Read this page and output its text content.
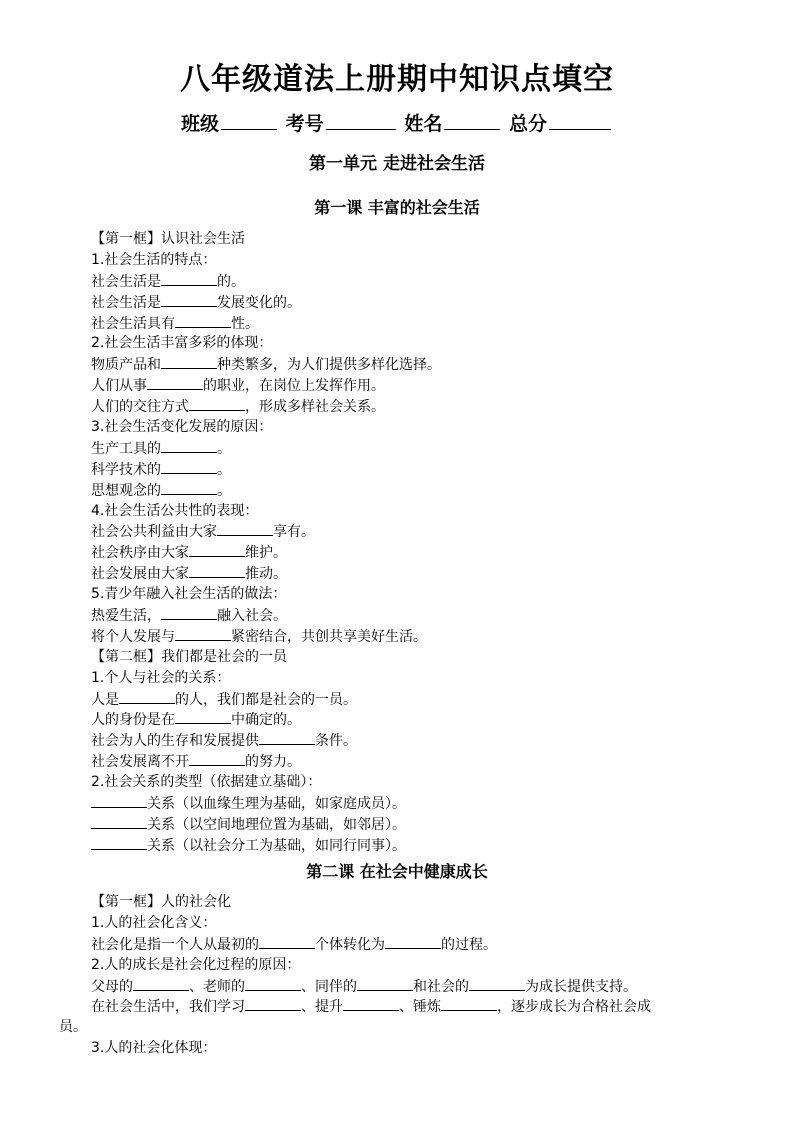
八年级道法上册期中知识点填空
班级	考号	姓名	总分
第一单元 走进社会生活
第一课 丰富的社会生活
【第一框】认识社会生活
1.社会生活的特点：
社会生活是	的。
社会生活是	发展变化的。
社会生活具有	性。
2.社会生活丰富多彩的体现：
物质产品和	种类繁多，为人们提供多样化选择。
人们从事	的职业，在岗位上发挥作用。
人们的交往方式	，形成多样社会关系。
3.社会生活变化发展的原因：
生产工具的	。
科学技术的	。
思想观念的	。
4.社会生活公共性的表现：
社会公共利益由大家	享有。
社会秩序由大家	维护。
社会发展由大家	推动。
5.青少年融入社会生活的做法：
热爱生活，	融入社会。
将个人发展与	紧密结合，共创共享美好生活。
【第二框】我们都是社会的一员
1.个人与社会的关系：
人是	的人，我们都是社会的一员。
人的身份是在	中确定的。
社会为人的生存和发展提供	条件。
社会发展离不开	的努力。
2.社会关系的类型（依据建立基础）：
关系（以血缘生理为基础，如家庭成员）。
关系（以空间地理位置为基础，如邻居）。
关系（以社会分工为基础，如同行同事）。
第二课 在社会中健康成长
【第一框】人的社会化
1.人的社会化含义：
社会化是指一个人从最初的	个体转化为	的过程。
2.人的成长是社会化过程的原因：
父母的	、老师的	、同伴的	和社会的	为成长提供支持。
在社会生活中，我们学习	、提升	、锤炼	，逐步成长为合格社会成
员。
3.人的社会化体现：
